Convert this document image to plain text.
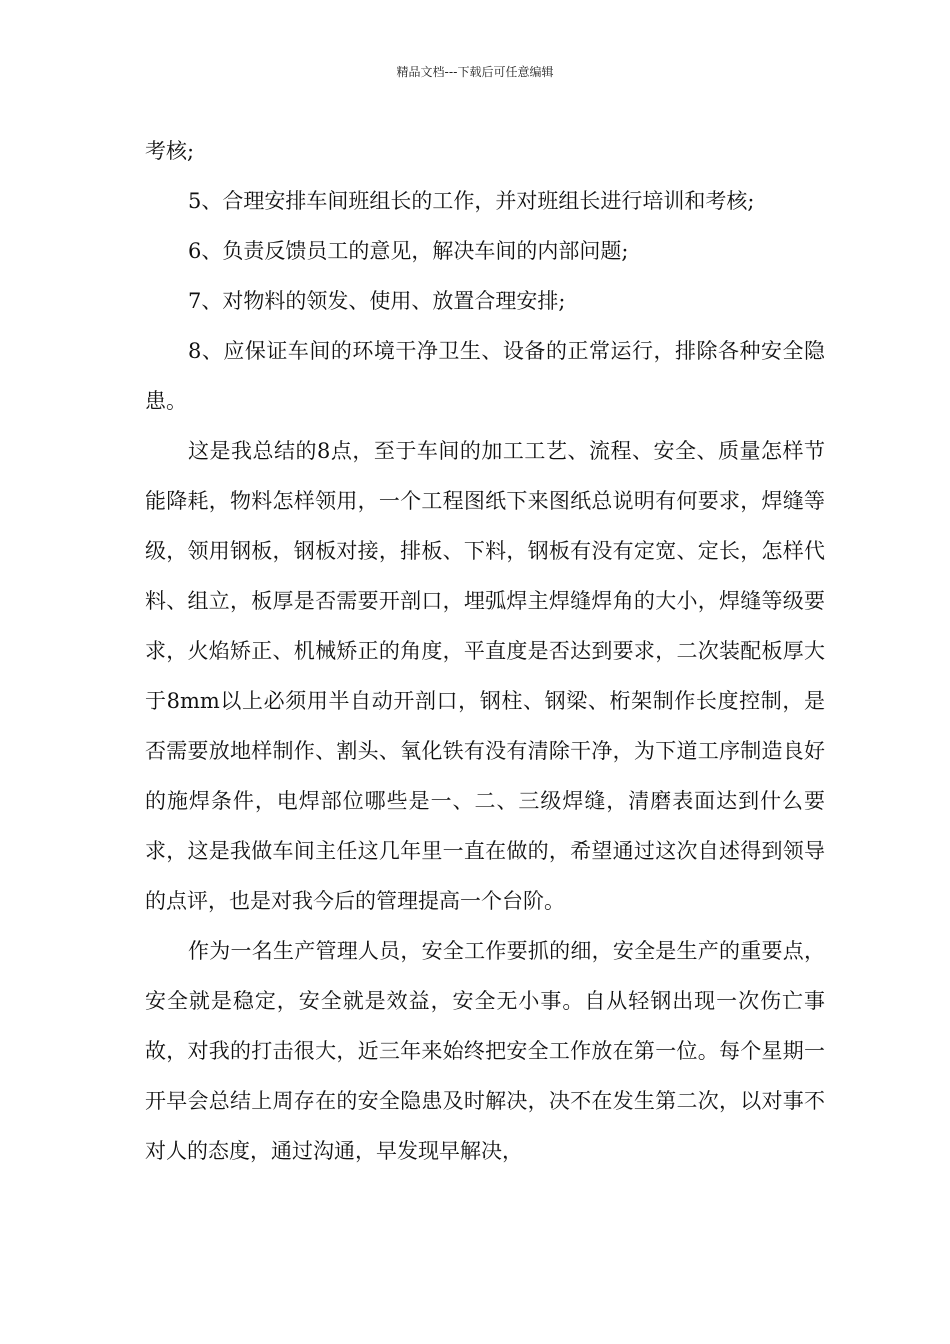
精品文档---下载后可任意编辑

考核;

5、合理安排车间班组长的工作，并对班组长进行培训和考核;

6、负责反馈员工的意见，解决车间的内部问题;

7、对物料的领发、使用、放置合理安排;

8、应保证车间的环境干净卫生、设备的正常运行，排除各种安全隐患。

这是我总结的8点，至于车间的加工工艺、流程、安全、质量怎样节能降耗，物料怎样领用，一个工程图纸下来图纸总说明有何要求，焊缝等级，领用钢板，钢板对接，排板、下料，钢板有没有定宽、定长，怎样代料、组立，板厚是否需要开剖口，埋弧焊主焊缝焊角的大小，焊缝等级要求，火焰矫正、机械矫正的角度，平直度是否达到要求，二次装配板厚大于8mm以上必须用半自动开剖口，钢柱、钢梁、桁架制作长度控制，是否需要放地样制作、割头、氧化铁有没有清除干净，为下道工序制造良好的施焊条件，电焊部位哪些是一、二、三级焊缝，清磨表面达到什么要求，这是我做车间主任这几年里一直在做的，希望通过这次自述得到领导的点评，也是对我今后的管理提高一个台阶。

作为一名生产管理人员，安全工作要抓的细，安全是生产的重要点，安全就是稳定，安全就是效益，安全无小事。自从轻钢出现一次伤亡事故，对我的打击很大，近三年来始终把安全工作放在第一位。每个星期一开早会总结上周存在的安全隐患及时解决，决不在发生第二次，以对事不对人的态度，通过沟通，早发现早解决，
